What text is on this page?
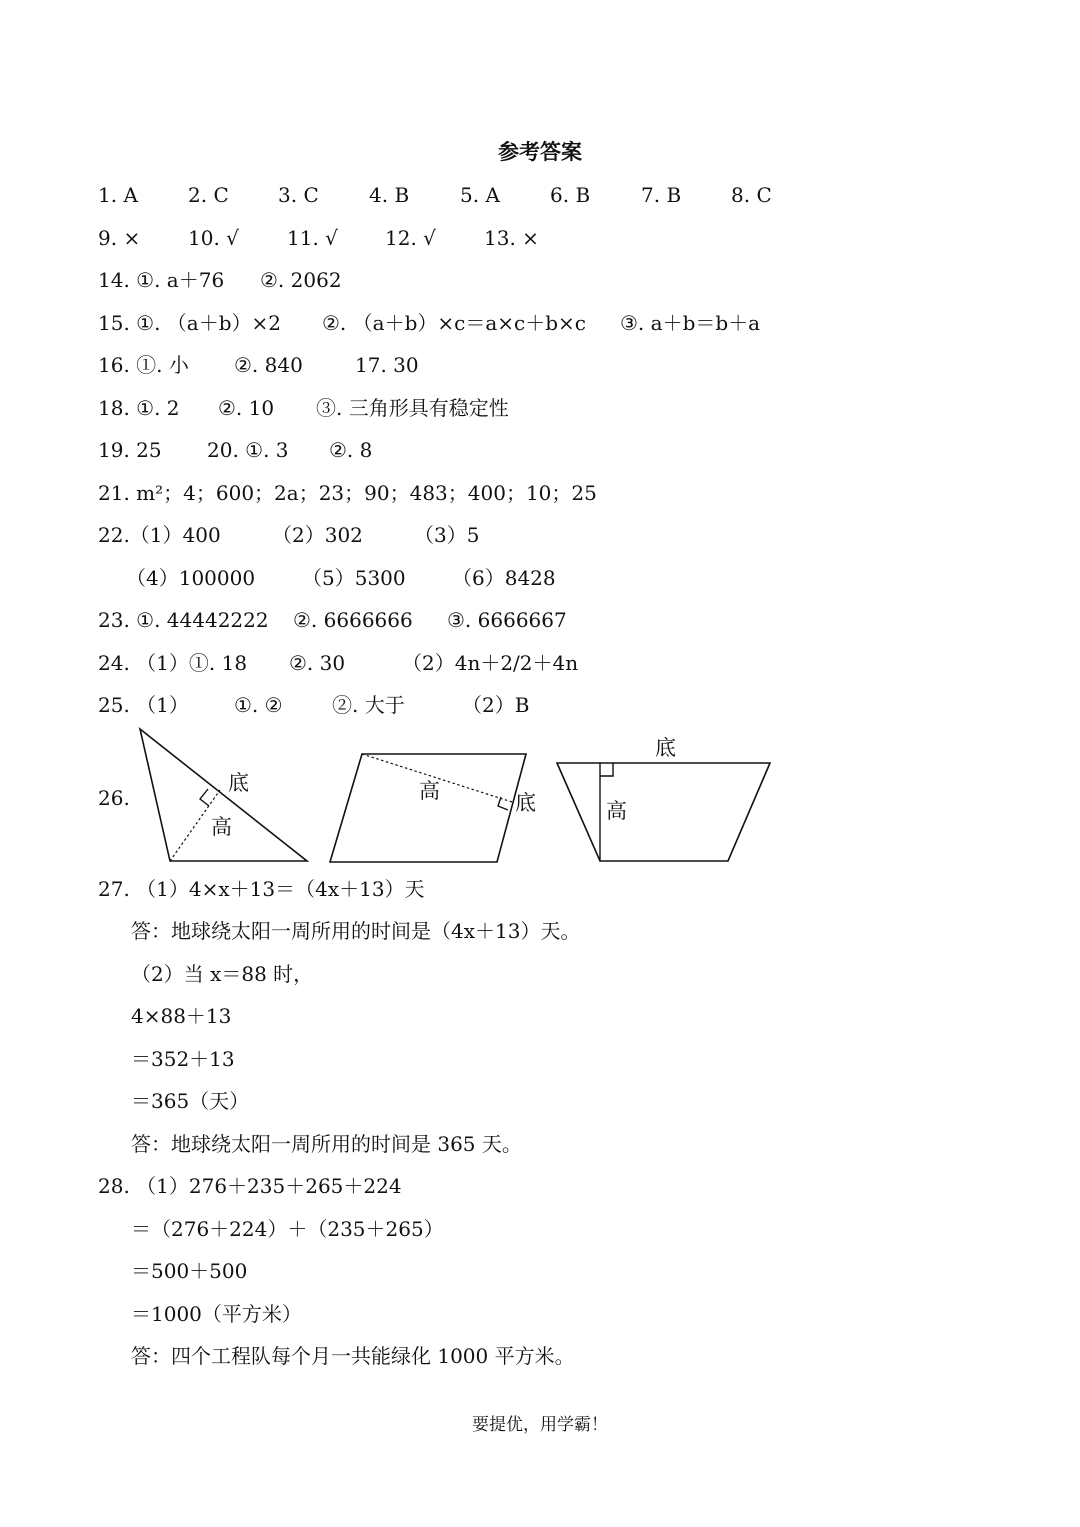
参考答案
1. A	2. C 3. C	4. B	5. A	6. B	7. B 8. C
9. × 10. √ 11. √ 12. √ 13. ×
14. ①. a＋76 ②. 2062
15. ①. （a＋b）×2 ②. （a＋b）×c＝a×c＋b×c ③. a＋b＝b＋a
16. ①. 小 ②. 840	17. 30
18. ①. 2 ②. 10 ③. 三角形具有稳定性
19. 25 20. ①. 3 ②. 8
21. m²；4；600；2a；23；90；483；400；10；25
22.（1）400	（2）302	（3）5
（4）100000 （5）5300 （6）8428
23. ①. 44442222 ②. 6666666 ③. 6666667
24. （1）①. 18 ②. 30	（2）4n＋2/2＋4n
25. （1） ①. ② ②. 大于	（2）B
26.
底
高
高	底
底
高
27. （1）4×x＋13＝（4x＋13）天
答：地球绕太阳一周所用的时间是（4x＋13）天。
（2）当 x＝88 时，
4×88＋13
＝352＋13
＝365（天）
答：地球绕太阳一周所用的时间是 365 天。
28. （1）276＋235＋265＋224
＝（276＋224）＋（235＋265）
＝500＋500
＝1000（平方米）
答：四个工程队每个月一共能绿化 1000 平方米。
要提优，用学霸！
